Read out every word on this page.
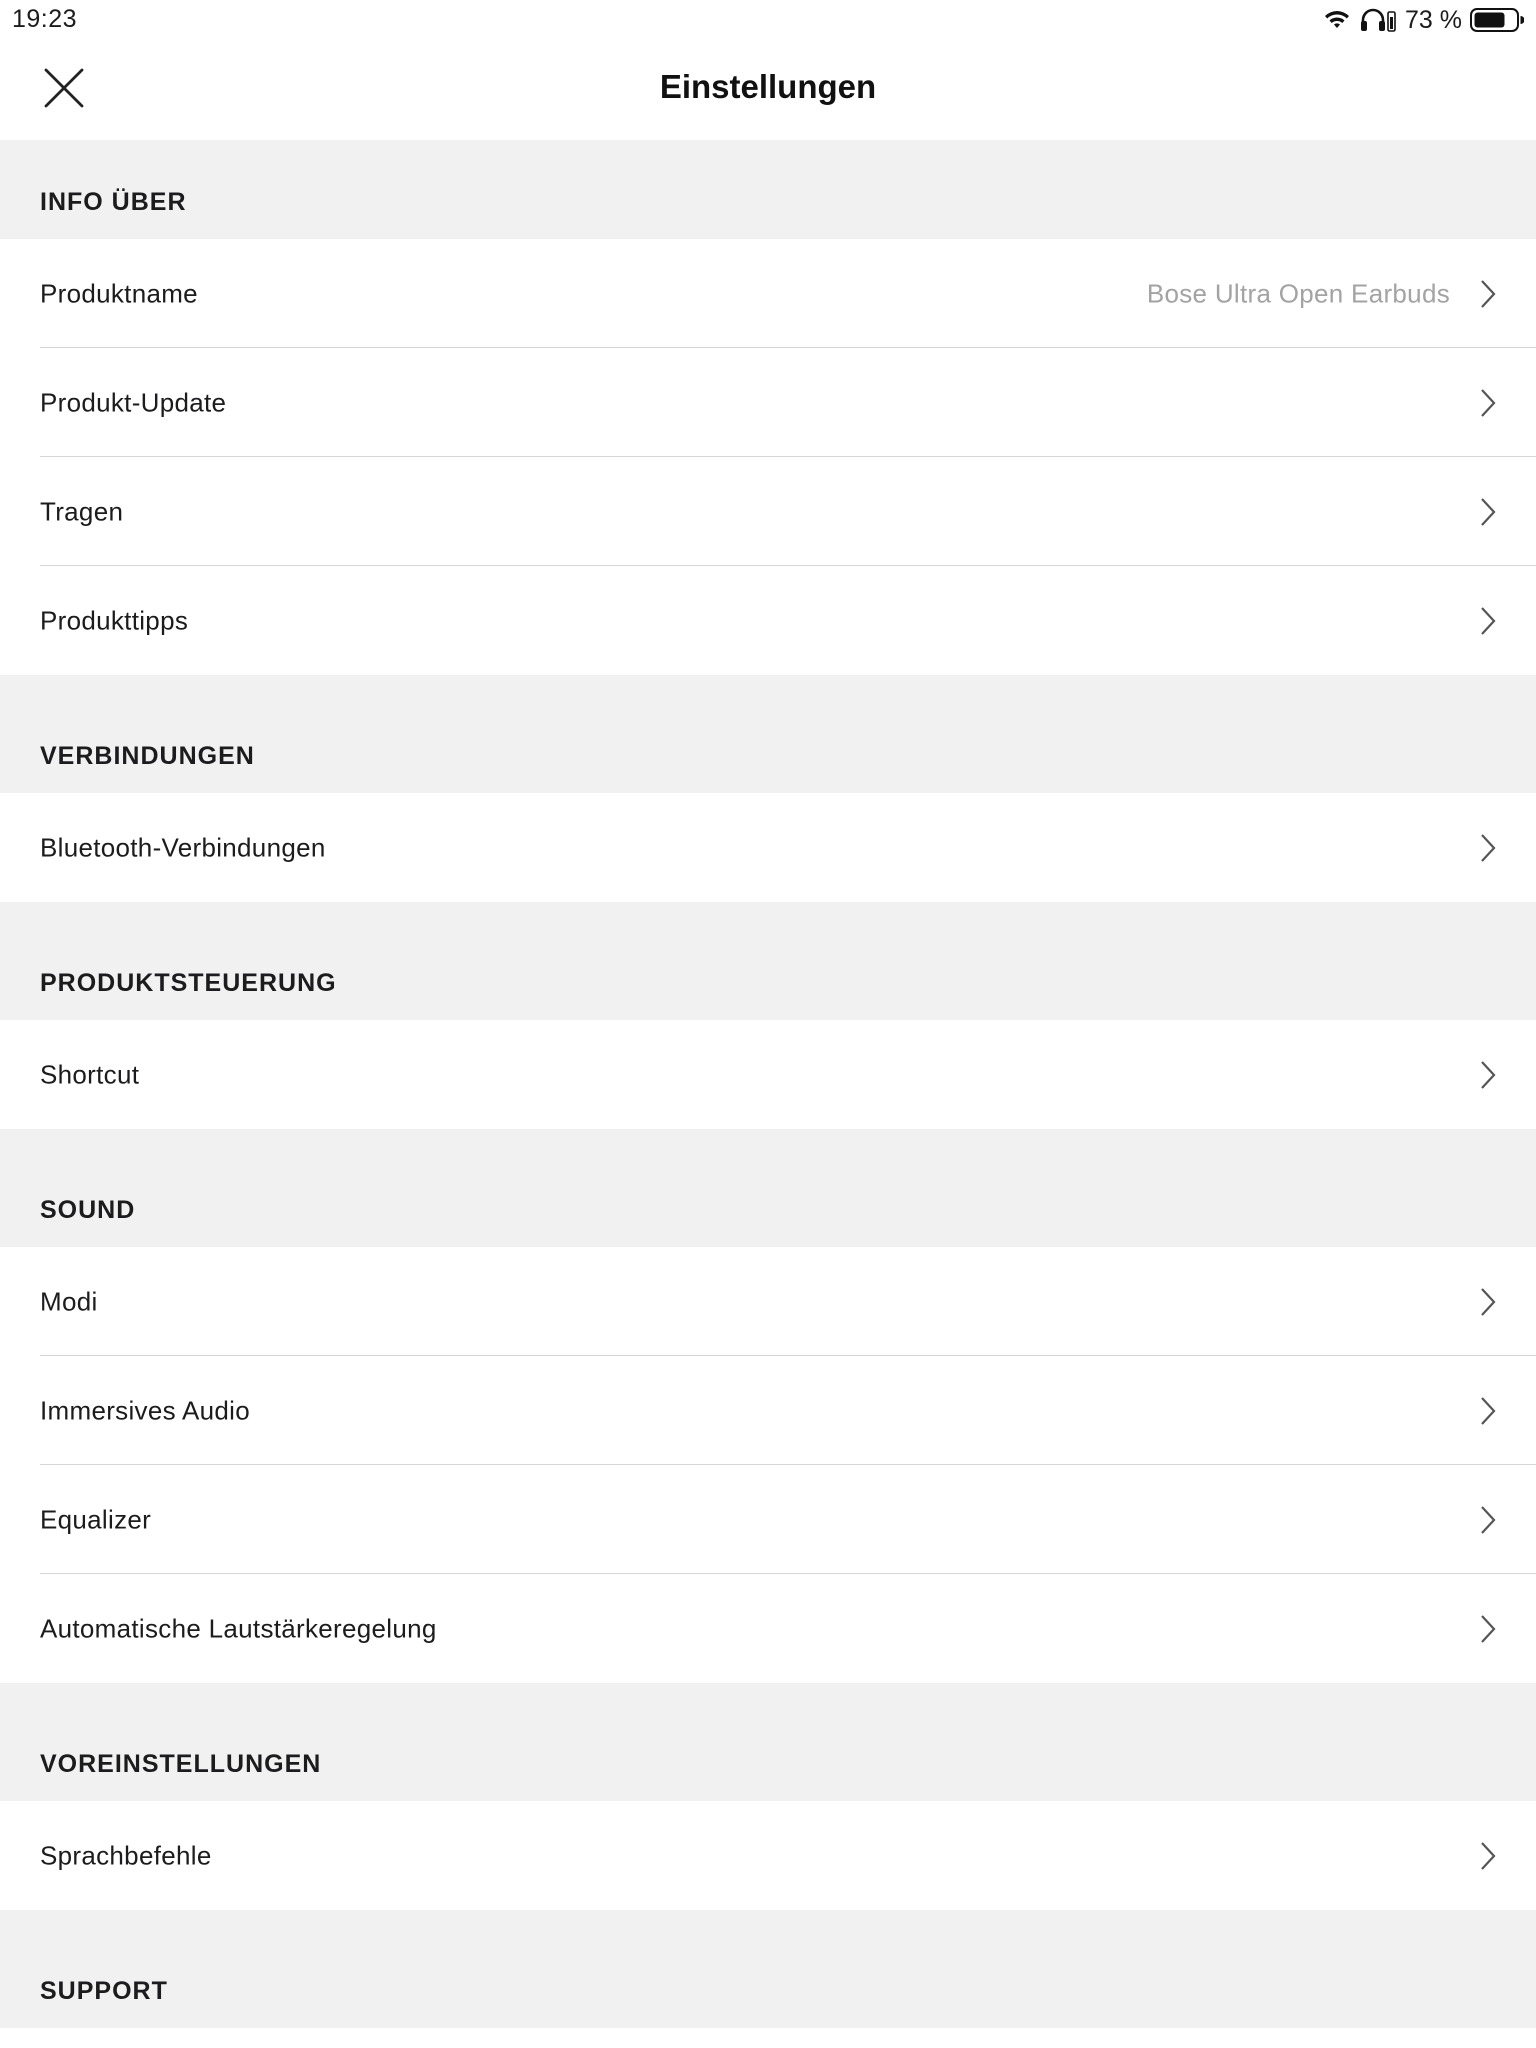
19:23	73 %
Einstellungen
INFO ÜBER
Produktname	Bose Ultra Open Earbuds
Produkt-Update
Tragen
Produkttipps
VERBINDUNGEN
Bluetooth-Verbindungen
PRODUKTSTEUERUNG
Shortcut
SOUND
Modi
Immersives Audio
Equalizer
Automatische Lautstärkeregelung
VOREINSTELLUNGEN
Sprachbefehle
SUPPORT
